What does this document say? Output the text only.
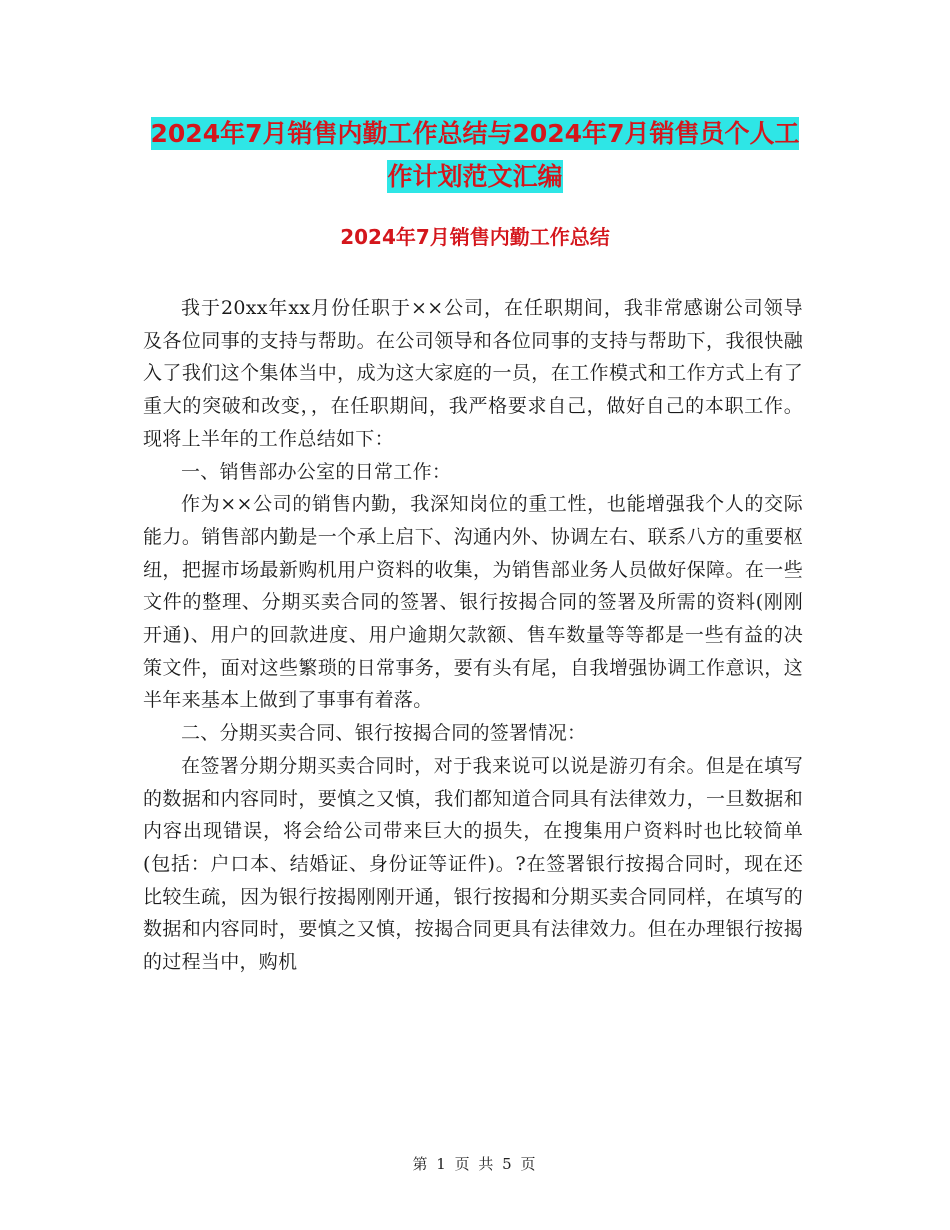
2024年7月销售内勤工作总结与2024年7月销售员个人工作计划范文汇编
2024年7月销售内勤工作总结

我于20xx年xx月份任职于××公司，在任职期间，我非常感谢公司领导及各位同事的支持与帮助。在公司领导和各位同事的支持与帮助下，我很快融入了我们这个集体当中，成为这大家庭的一员，在工作模式和工作方式上有了重大的突破和改变，，在任职期间，我严格要求自己，做好自己的本职工作。现将上半年的工作总结如下：

一、销售部办公室的日常工作：

作为××公司的销售内勤，我深知岗位的重工性，也能增强我个人的交际能力。销售部内勤是一个承上启下、沟通内外、协调左右、联系八方的重要枢纽，把握市场最新购机用户资料的收集，为销售部业务人员做好保障。在一些文件的整理、分期买卖合同的签署、银行按揭合同的签署及所需的资料(刚刚开通)、用户的回款进度、用户逾期欠款额、售车数量等等都是一些有益的决策文件，面对这些繁琐的日常事务，要有头有尾，自我增强协调工作意识，这半年来基本上做到了事事有着落。

二、分期买卖合同、银行按揭合同的签署情况：

在签署分期分期买卖合同时，对于我来说可以说是游刃有余。但是在填写的数据和内容同时，要慎之又慎，我们都知道合同具有法律效力，一旦数据和内容出现错误，将会给公司带来巨大的损失，在搜集用户资料时也比较简单(包括：户口本、结婚证、身份证等证件)。?在签署银行按揭合同时，现在还比较生疏，因为银行按揭刚刚开通，银行按揭和分期买卖合同同样，在填写的数据和内容同时，要慎之又慎，按揭合同更具有法律效力。但在办理银行按揭的过程当中，购机

第 1 页 共 5 页
